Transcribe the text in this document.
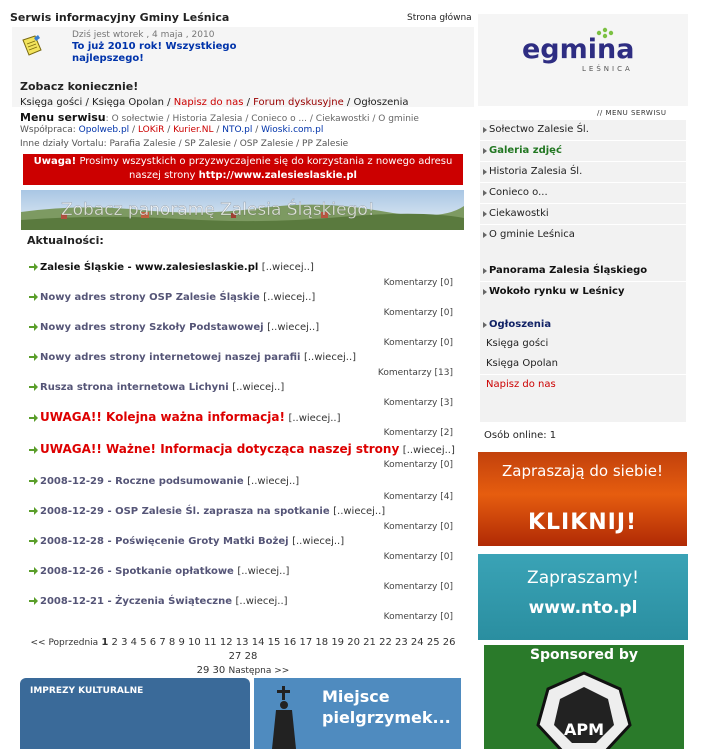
Serwis informacyjny Gminy Leśnica	Strona główna
Dziś jest wtorek , 4 maja , 2010
To już 2010 rok! Wszystkiego najlepszego!
Zobacz koniecznie!
Księga gości / Księga Opolan / Napisz do nas / Forum dyskusyjne / Ogłoszenia
Menu serwisu: O sołectwie / Historia Zalesia / Conieco o ... / Ciekawostki / O gminie
Współpraca: Opolweb.pl / LOKiR / Kurier.NL / NTO.pl / Wioski.com.pl
Inne działy Vortalu: Parafia Zalesie / SP Zalesie / OSP Zalesie / PP Zalesie
Uwaga! Prosimy wszystkich o przyzwyczajenie się do korzystania z nowego adresu naszej strony http://www.zalesieslaskie.pl
Zobacz panoramę Zalesia Śląskiego!
Aktualności:
Zalesie Śląskie - www.zalesieslaskie.pl [..wiecej..]
Komentarzy [0]
Nowy adres strony OSP Zalesie Śląskie [..wiecej..]
Komentarzy [0]
Nowy adres strony Szkoły Podstawowej [..wiecej..]
Komentarzy [0]
Nowy adres strony internetowej naszej parafii [..wiecej..]
Komentarzy [13]
Rusza strona internetowa Lichyni [..wiecej..]
Komentarzy [3]
UWAGA!! Kolejna ważna informacja! [..wiecej..]
Komentarzy [2]
UWAGA!! Ważne! Informacja dotycząca naszej strony [..wiecej..]
Komentarzy [0]
2008-12-29 - Roczne podsumowanie [..wiecej..]
Komentarzy [4]
2008-12-29 - OSP Zalesie Śl. zaprasza na spotkanie [..wiecej..]
Komentarzy [0]
2008-12-28 - Poświęcenie Groty Matki Bożej [..wiecej..]
Komentarzy [0]
2008-12-26 - Spotkanie opłatkowe [..wiecej..]
Komentarzy [0]
2008-12-21 - Życzenia Świąteczne [..wiecej..]
Komentarzy [0]
<< Poprzednia 1 2 3 4 5 6 7 8 9 10 11 12 13 14 15 16 17 18 19 20 21 22 23 24 25 26 27 28
29 30 Następna >>
IMPREZY KULTURALNE	Miejsce pielgrzymek...
egmina
LEŚNICA
// MENU SERWISU
Sołectwo Zalesie Śl.
Galeria zdjęć
Historia Zalesia Śl.
Conieco o...
Ciekawostki
O gminie Leśnica
Panorama Zalesia Śląskiego
Wokoło rynku w Leśnicy
Ogłoszenia
Księga gości
Księga Opolan
Napisz do nas
Osób online: 1
Zapraszają do siebie!
KLIKNIJ!
Zapraszamy!
www.nto.pl
Sponsored by
APM
